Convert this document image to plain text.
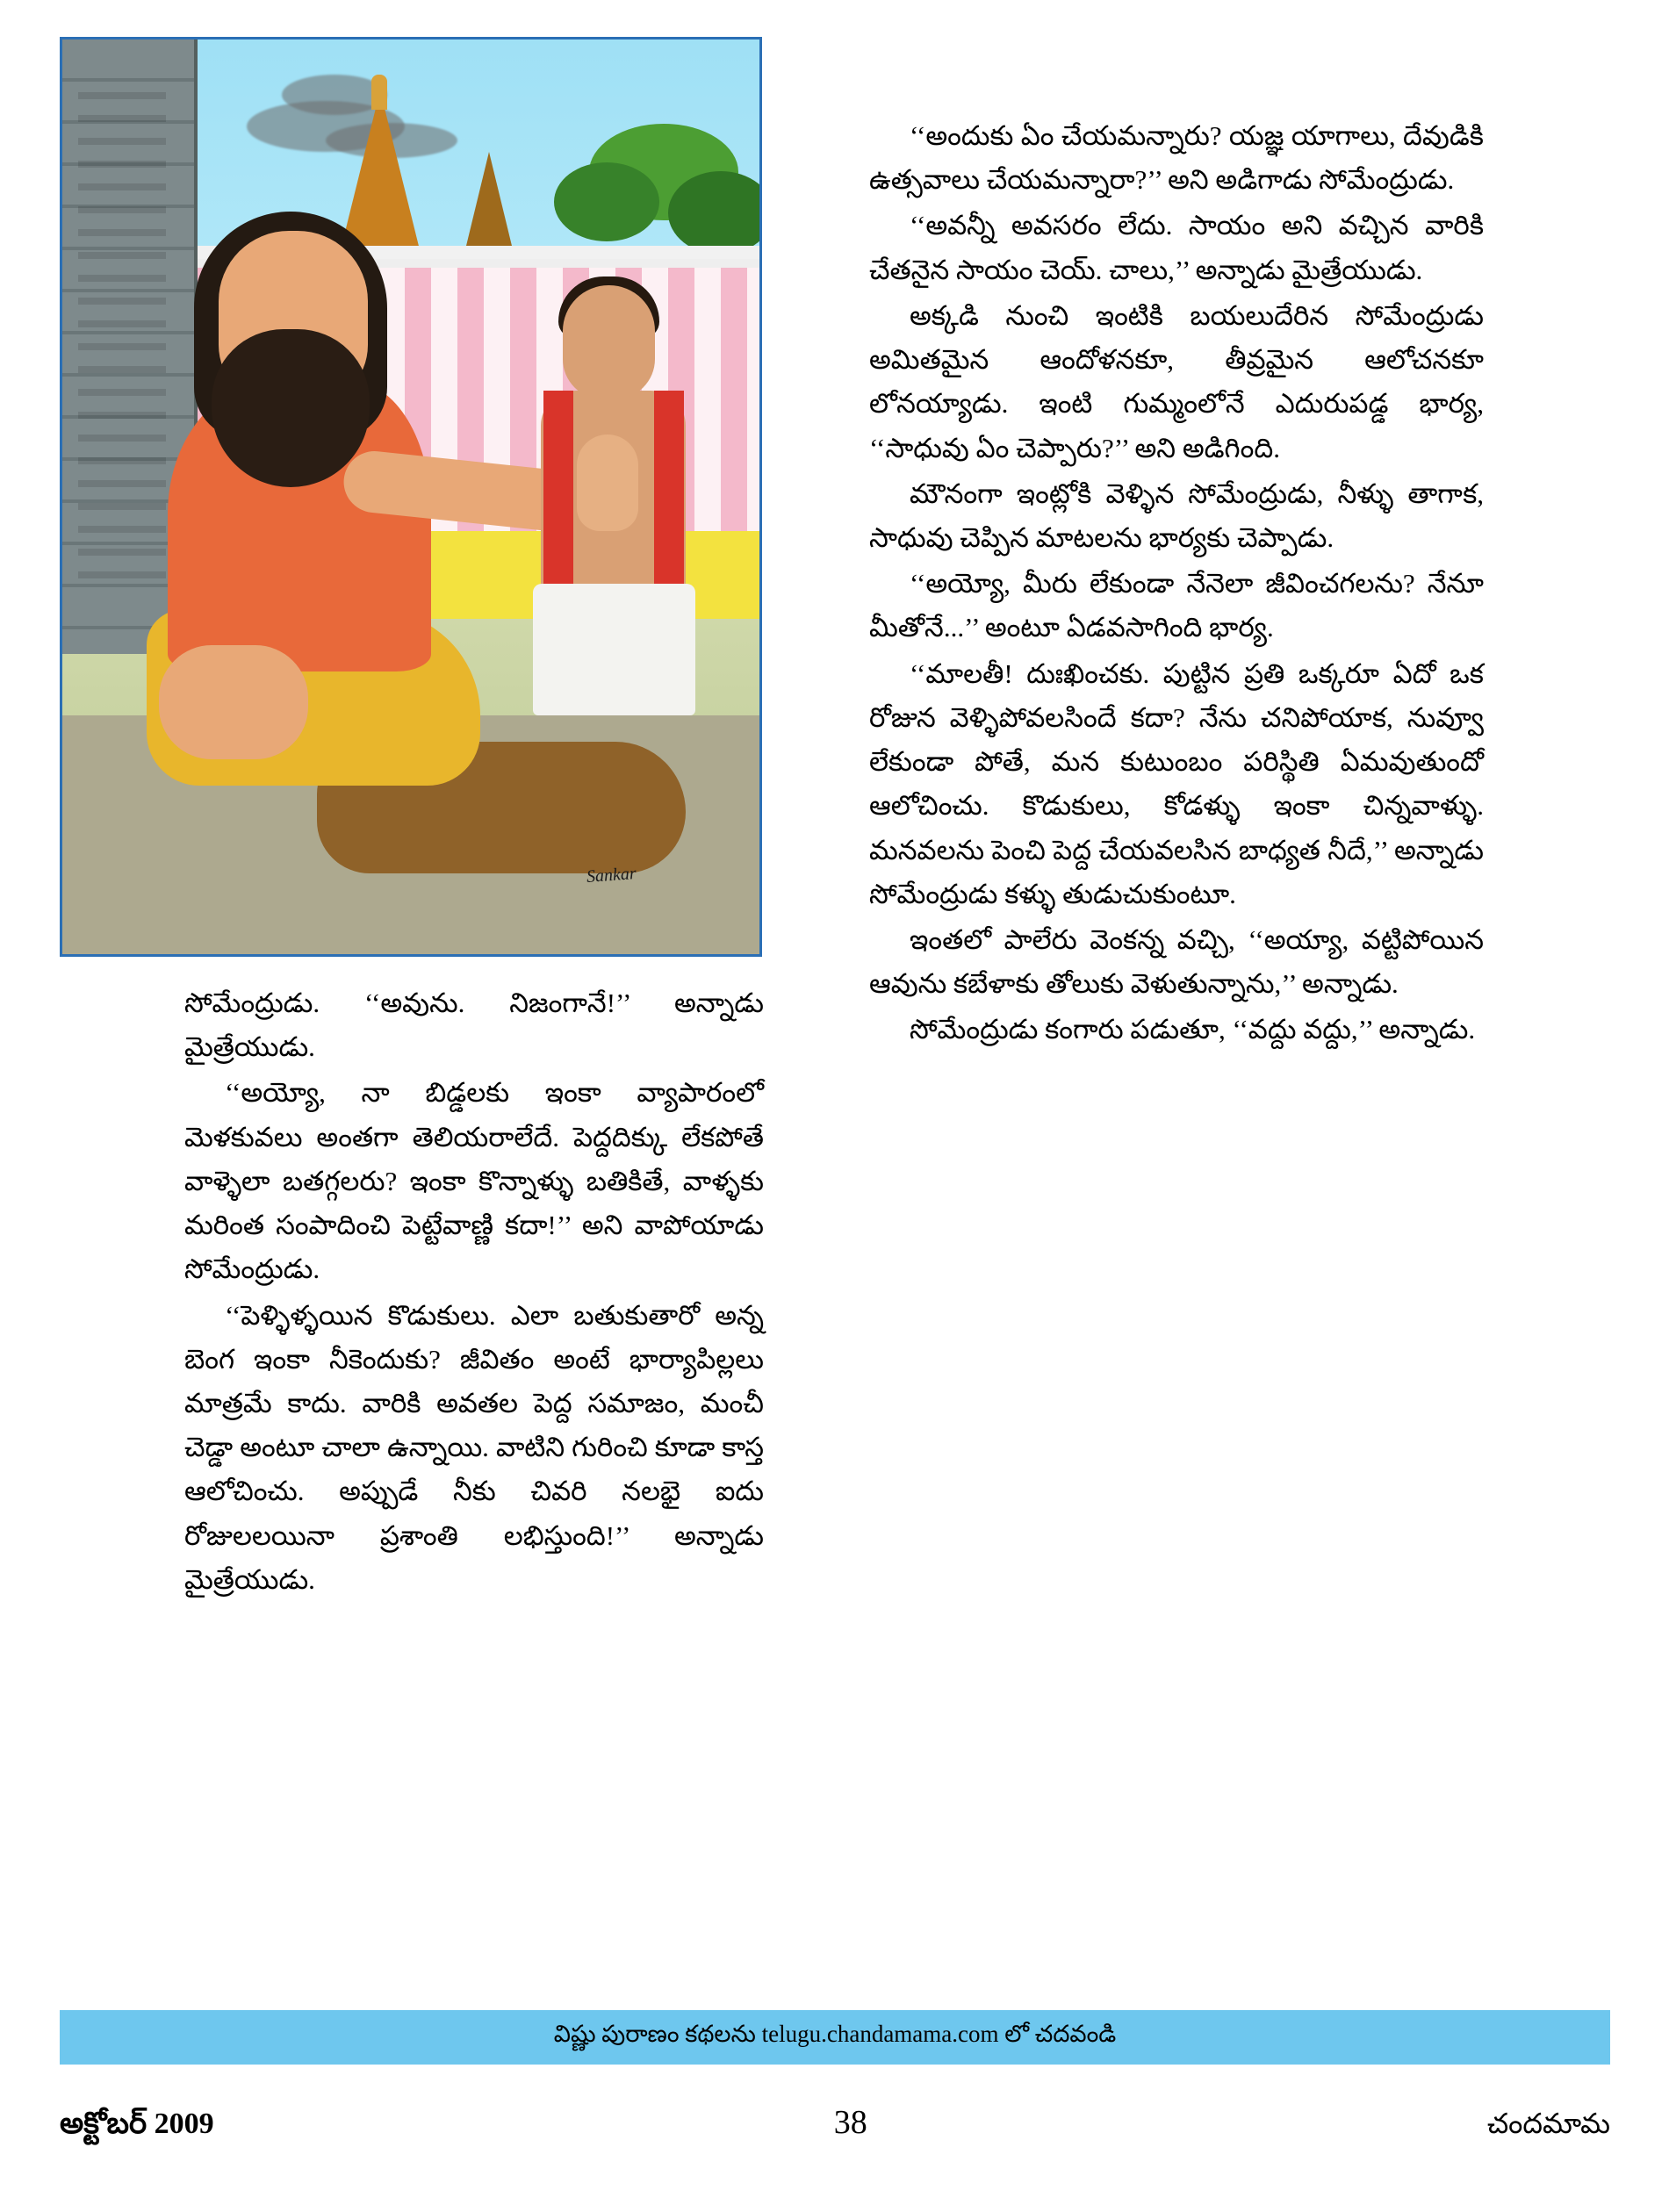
Sankar

సోమేంద్రుడు. ‘‘అవును. నిజంగానే!’’ అన్నాడు మైత్రేయుడు.

‘‘అయ్యో, నా బిడ్డలకు ఇంకా వ్యాపారంలో మెళకువలు అంతగా తెలియరాలేదే. పెద్దదిక్కు లేకపోతే వాళ్ళెలా బతగ్గలరు? ఇంకా కొన్నాళ్ళు బతికితే, వాళ్ళకు మరింత సంపాదించి పెట్టేవాణ్ణి కదా!’’ అని వాపోయాడు సోమేంద్రుడు.

‘‘పెళ్ళిళ్ళయిన కొడుకులు. ఎలా బతుకుతారో అన్న బెంగ ఇంకా నీకెందుకు? జీవితం అంటే భార్యాపిల్లలు మాత్రమే కాదు. వారికి అవతల పెద్ద సమాజం, మంచీ చెడ్డా అంటూ చాలా ఉన్నాయి. వాటిని గురించి కూడా కాస్త ఆలోచించు. అప్పుడే నీకు చివరి నలభై ఐదు రోజులలయినా ప్రశాంతి లభిస్తుంది!’’ అన్నాడు మైత్రేయుడు.

‘‘అందుకు ఏం చేయమన్నారు? యజ్ఞ యాగాలు, దేవుడికి ఉత్సవాలు చేయమన్నారా?’’ అని అడిగాడు సోమేంద్రుడు.

‘‘అవన్నీ అవసరం లేదు. సాయం అని వచ్చిన వారికి చేతనైన సాయం చెయ్. చాలు,’’ అన్నాడు మైత్రేయుడు.

అక్కడి నుంచి ఇంటికి బయలుదేరిన సోమేంద్రుడు అమితమైన ఆందోళనకూ, తీవ్రమైన ఆలోచనకూ లోనయ్యాడు. ఇంటి గుమ్మంలోనే ఎదురుపడ్డ భార్య, ‘‘సాధువు ఏం చెప్పారు?’’ అని అడిగింది.

మౌనంగా ఇంట్లోకి వెళ్ళిన సోమేంద్రుడు, నీళ్ళు తాగాక, సాధువు చెప్పిన మాటలను భార్యకు చెప్పాడు.

‘‘అయ్యో, మీరు లేకుండా నేనెలా జీవించగలను? నేనూ మీతోనే...’’ అంటూ ఏడవసాగింది భార్య.

‘‘మాలతీ! దుఃఖించకు. పుట్టిన ప్రతి ఒక్కరూ ఏదో ఒక రోజున వెళ్ళిపోవలసిందే కదా? నేను చనిపోయాక, నువ్వూ లేకుండా పోతే, మన కుటుంబం పరిస్థితి ఏమవుతుందో ఆలోచించు. కొడుకులు, కోడళ్ళు ఇంకా చిన్నవాళ్ళు. మనవలను పెంచి పెద్ద చేయవలసిన బాధ్యత నీదే,’’ అన్నాడు సోమేంద్రుడు కళ్ళు తుడుచుకుంటూ.

ఇంతలో పాలేరు వెంకన్న వచ్చి, ‘‘అయ్యా, వట్టిపోయిన ఆవును కబేళాకు తోలుకు వెళుతున్నాను,’’ అన్నాడు.

సోమేంద్రుడు కంగారు పడుతూ, ‘‘వద్దు వద్దు,’’ అన్నాడు.

విష్ణు పురాణం కథలను telugu.chandamama.com లో చదవండి
అక్టోబర్ 2009	38	చందమామ
